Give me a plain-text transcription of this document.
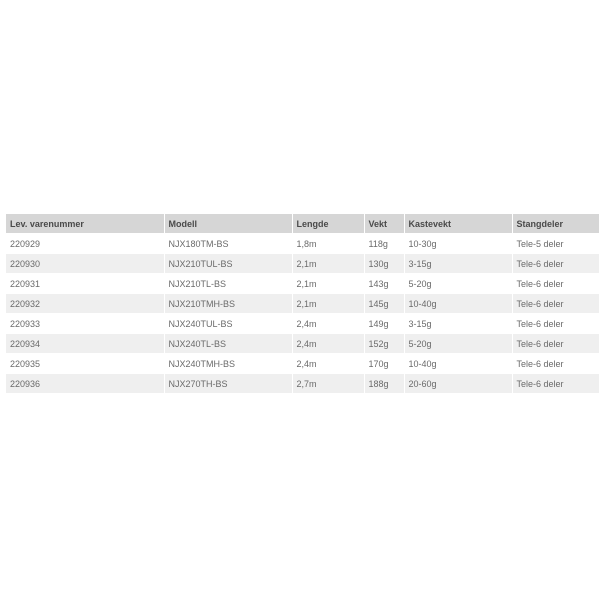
Lev. varenummer	Modell	Lengde	Vekt	Kastevekt	Stangdeler
220929	NJX180TM-BS	1,8m	118g	10-30g	Tele-5 deler
220930	NJX210TUL-BS	2,1m	130g	3-15g	Tele-6 deler
220931	NJX210TL-BS	2,1m	143g	5-20g	Tele-6 deler
220932	NJX210TMH-BS	2,1m	145g	10-40g	Tele-6 deler
220933	NJX240TUL-BS	2,4m	149g	3-15g	Tele-6 deler
220934	NJX240TL-BS	2,4m	152g	5-20g	Tele-6 deler
220935	NJX240TMH-BS	2,4m	170g	10-40g	Tele-6 deler
220936	NJX270TH-BS	2,7m	188g	20-60g	Tele-6 deler
